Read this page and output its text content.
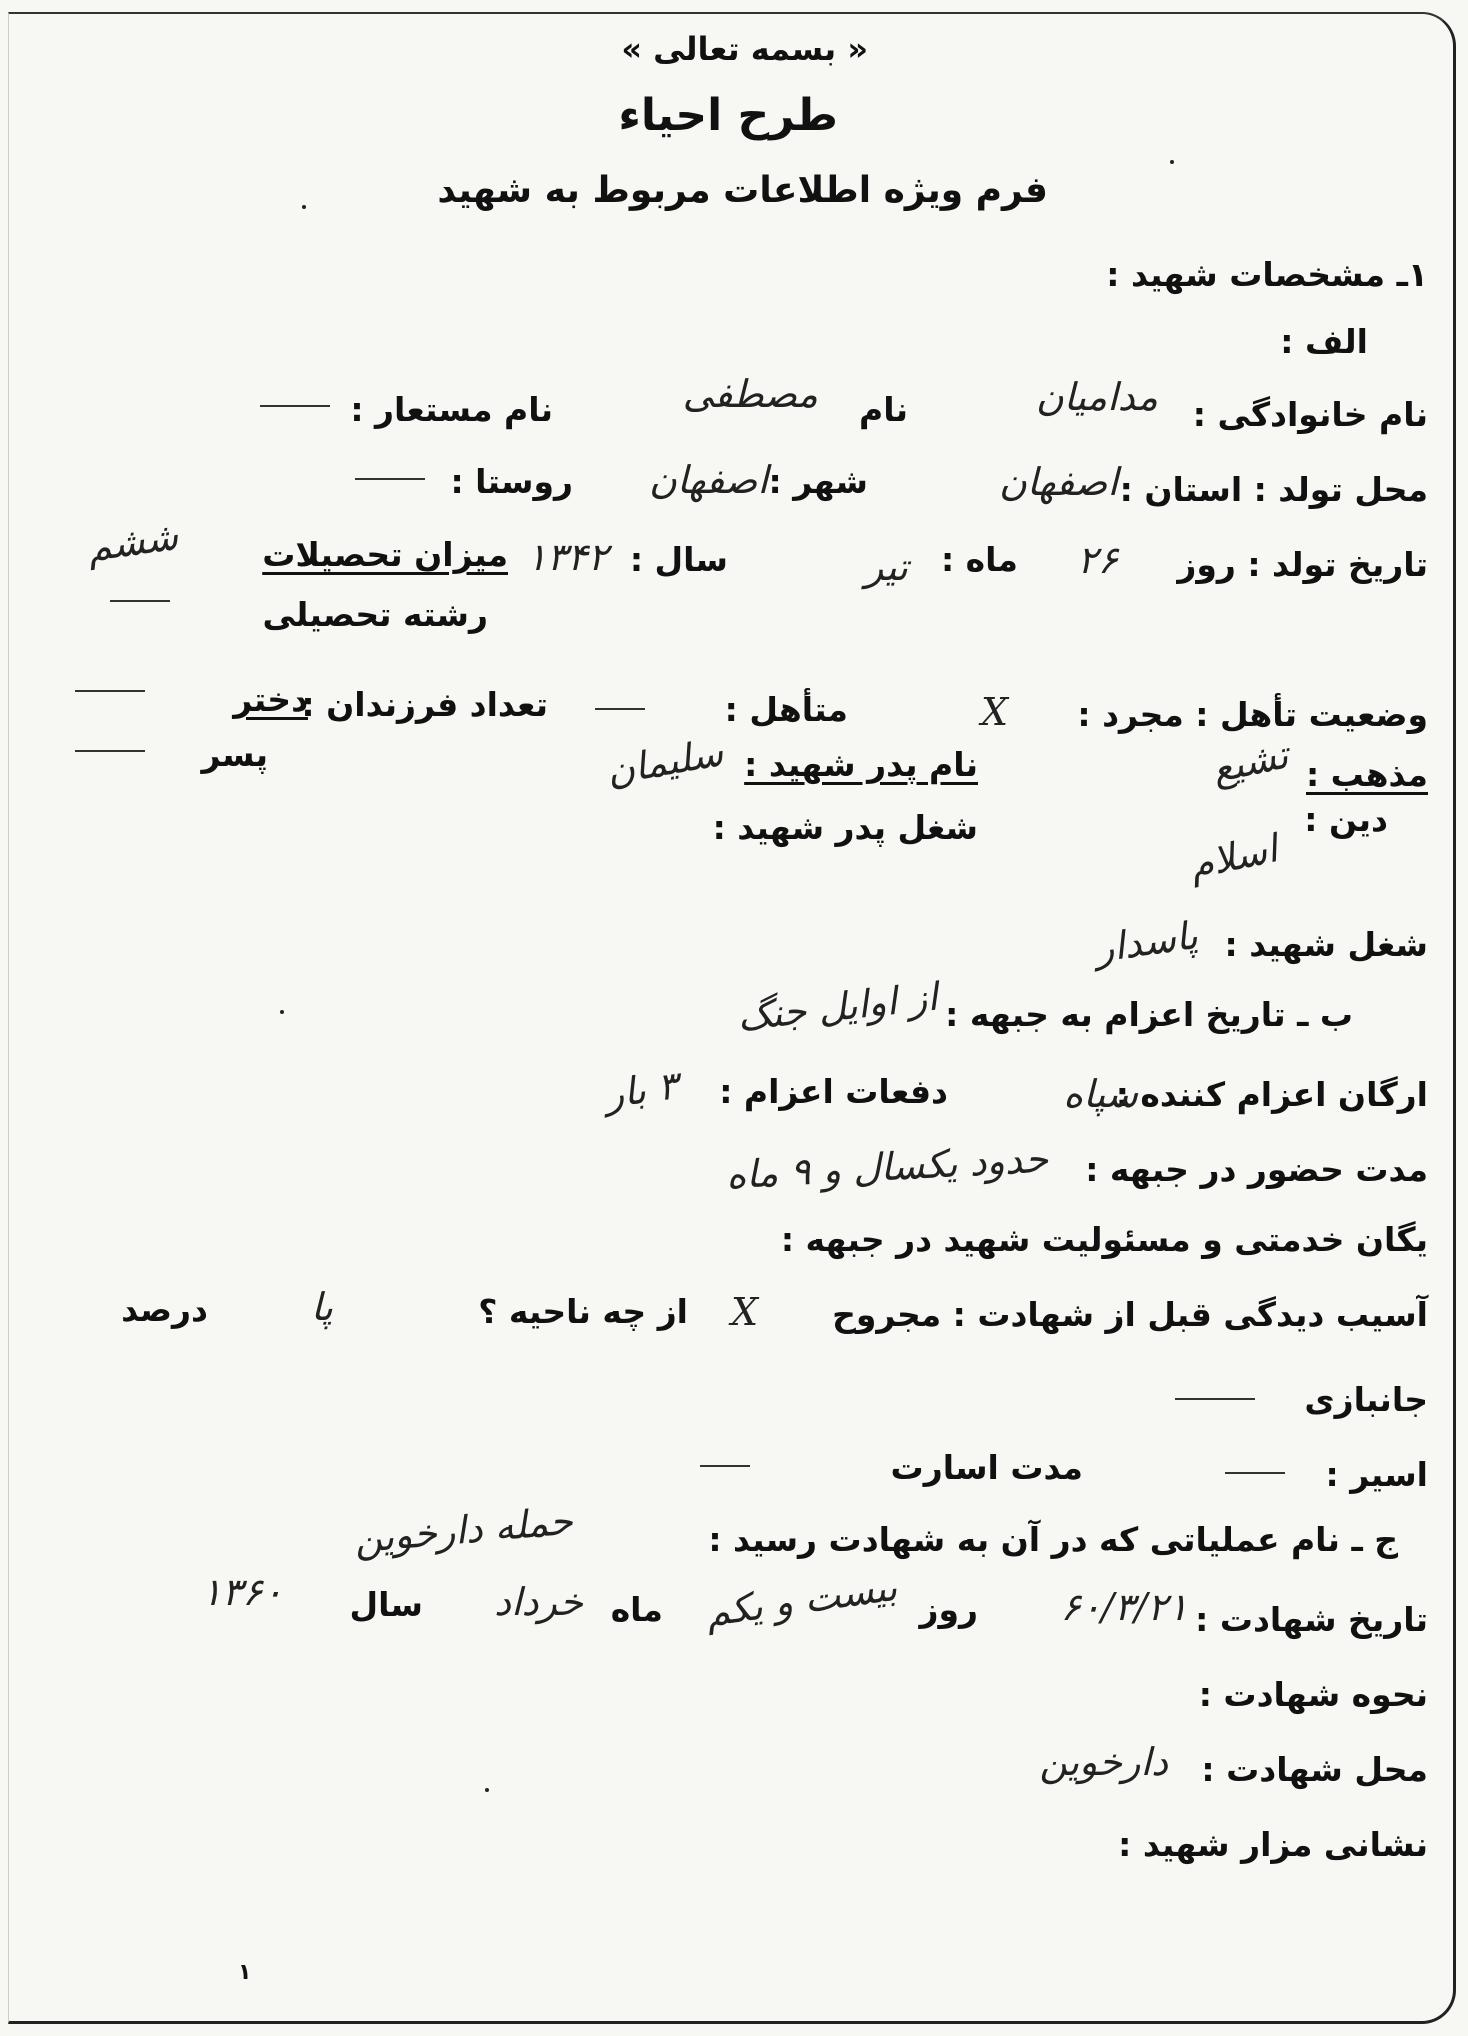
« بسمه تعالی »
طرح احیاء
فرم ویژه اطلاعات مربوط به شهید
۱ـ مشخصات شهید :
الف :
نام خانوادگی :
مدامیان
نام
مصطفی
نام مستعار :
محل تولد : استان :
اصفهان
شهر :
اصفهان
روستا :
تاریخ تولد : روز
۲۶
ماه :
تیر
سال :
۱۳۴۲
میزان تحصیلات
ششم
رشته تحصیلی
وضعیت تأهل : مجرد :
X
متأهل :
تعداد فرزندان :
دختر
پسر
مذهب :
تشیع
دین :
اسلام
نام پدر شهید :
سلیمان
شغل پدر شهید :
شغل شهید :
پاسدار
ب ـ تاریخ اعزام به جبهه :
از اوایل جنگ
ارگان اعزام کننده :
سپاه
دفعات اعزام :
۳ بار
مدت حضور در جبهه :
حدود یکسال و ۹ ماه
یگان خدمتی و مسئولیت شهید در جبهه :
آسیب دیدگی قبل از شهادت : مجروح
X
از چه ناحیه ؟
پا
درصد
جانبازی
اسیر :
مدت اسارت
ج ـ نام عملیاتی که در آن به شهادت رسید :
حمله دارخوین
تاریخ شهادت :
۶۰/۳/۲۱
روز
بیست و یکم
ماه
خرداد
سال
۱۳۶۰
نحوه شهادت :
محل شهادت :
دارخوین
نشانی مزار شهید :
۱
